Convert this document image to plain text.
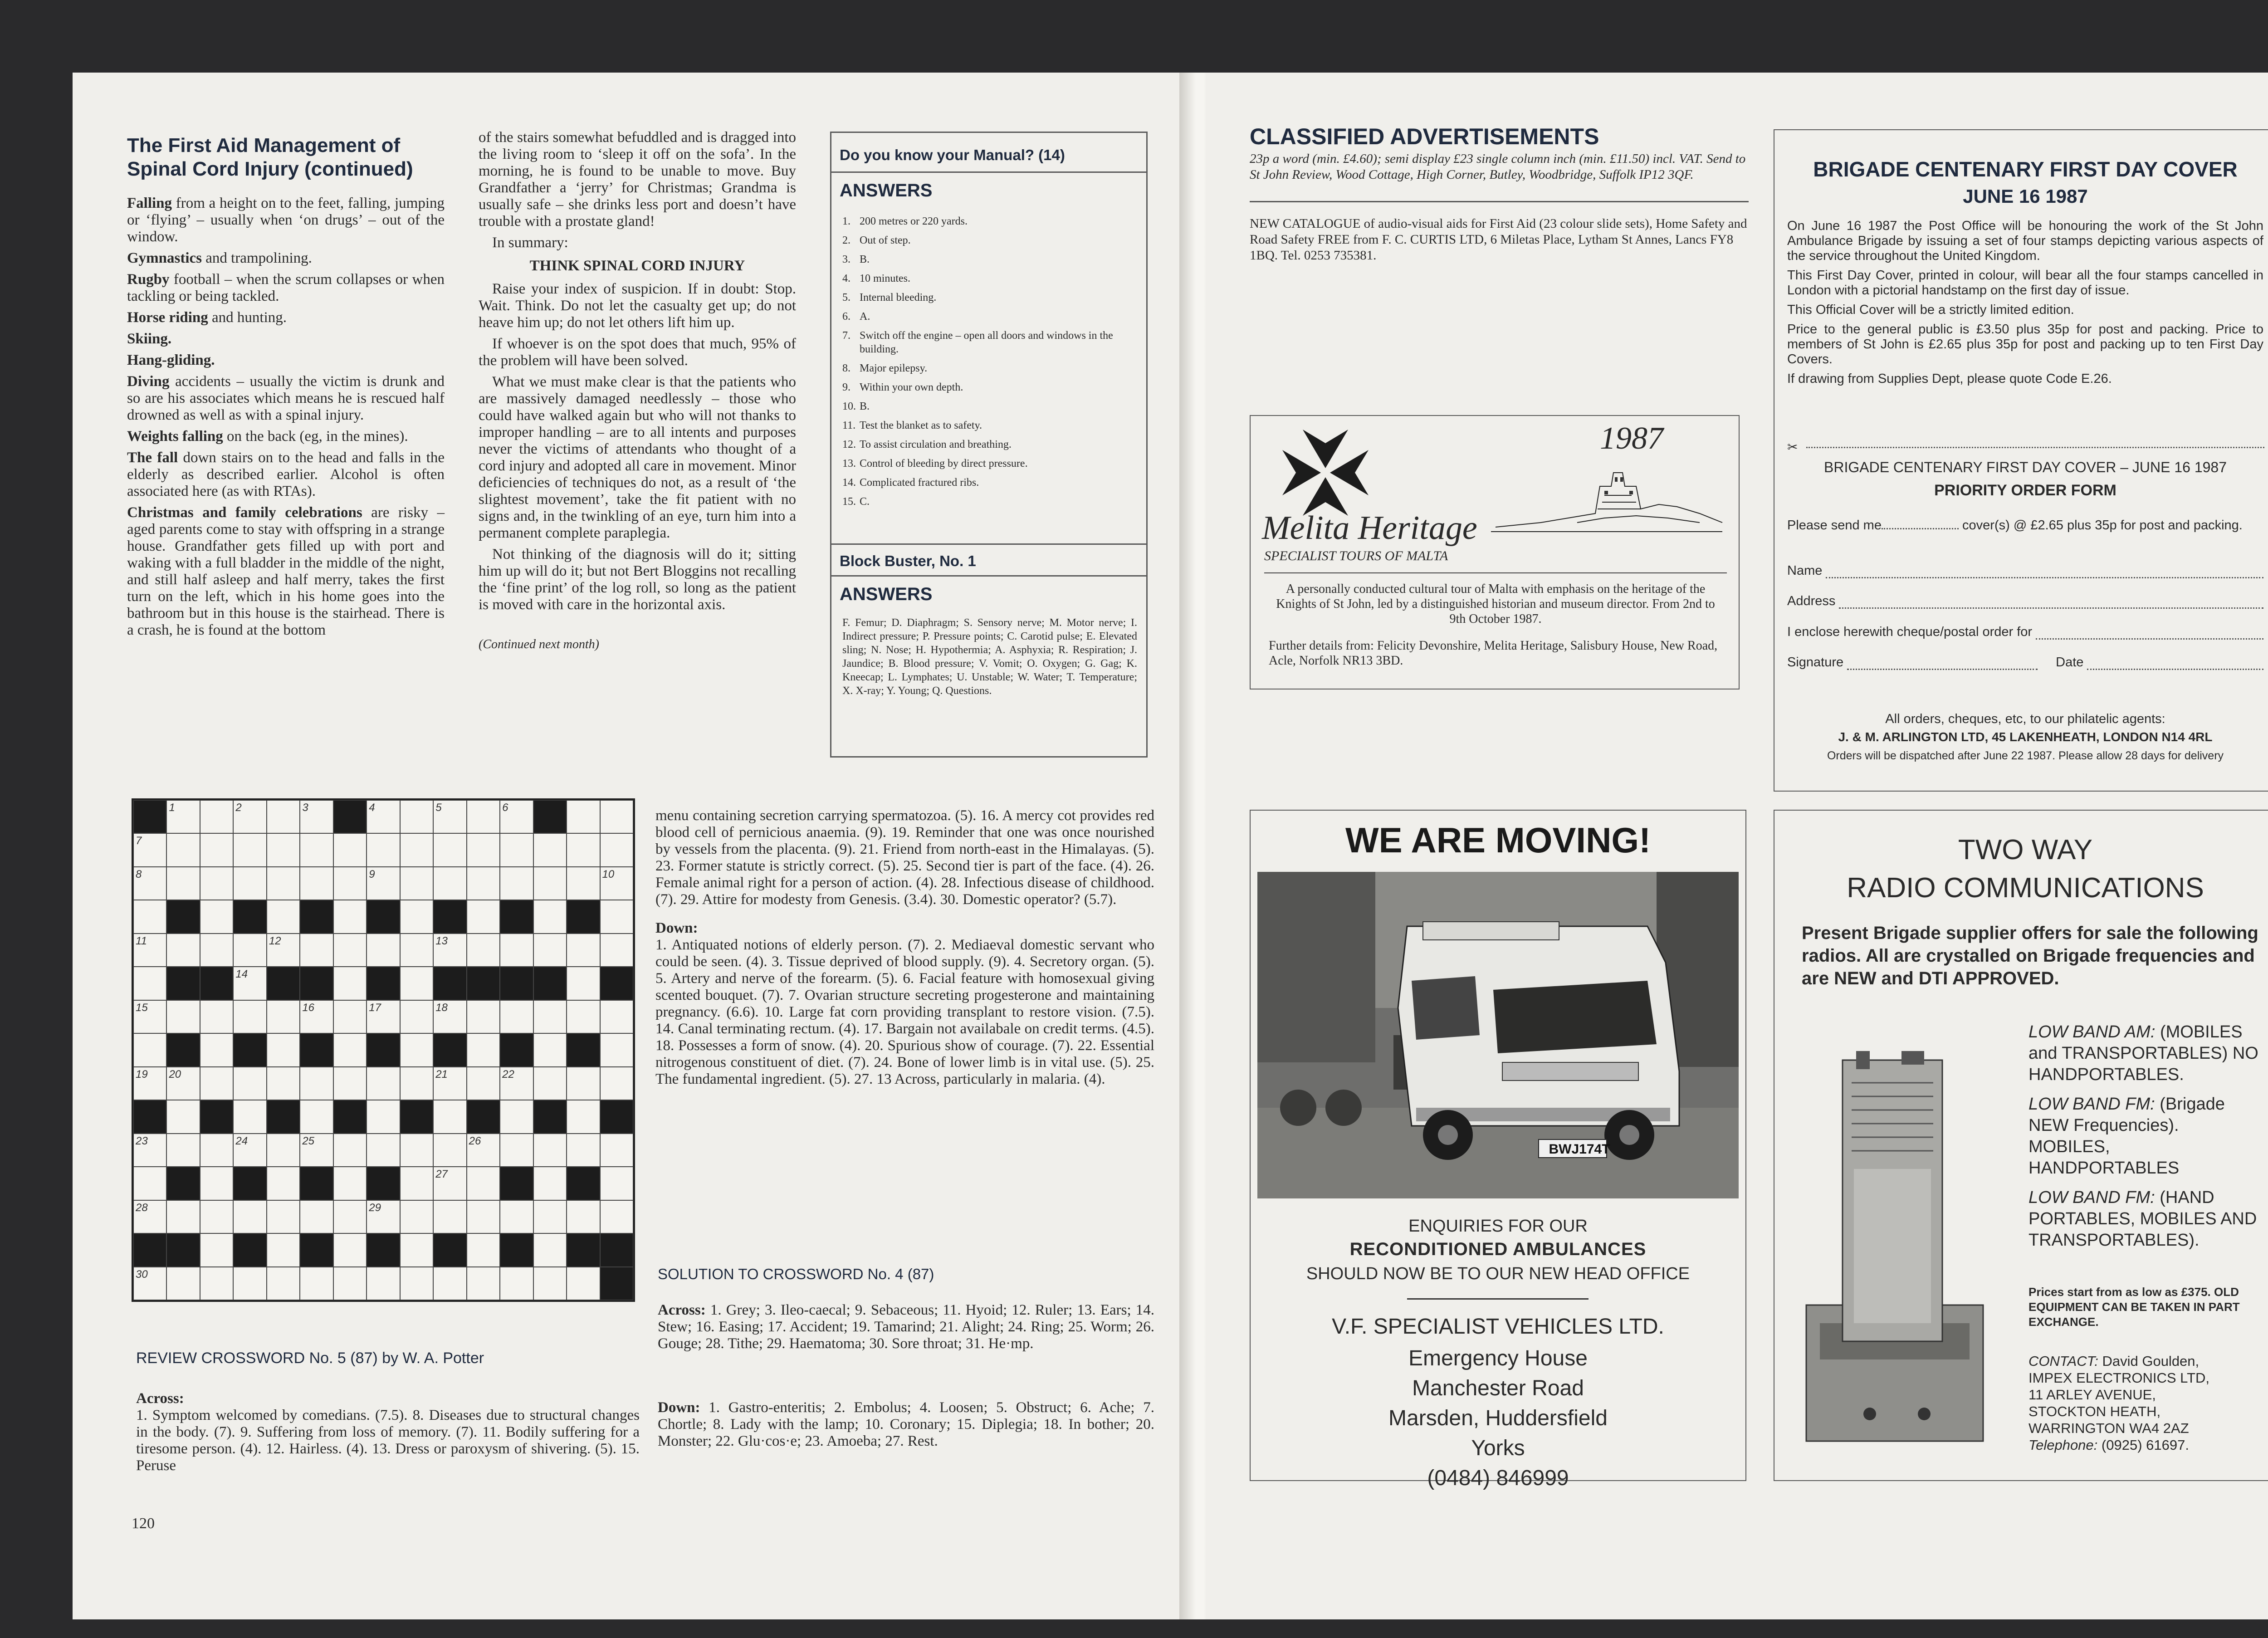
The First Aid Management of Spinal Cord Injury (continued)

Falling from a height on to the feet, falling, jumping or ‘flying’ – usually when ‘on drugs’ – out of the window.

Gymnastics and trampolining.

Rugby football – when the scrum collapses or when tackling or being tackled.

Horse riding and hunting.

Skiing.

Hang-gliding.

Diving accidents – usually the victim is drunk and so are his associates which means he is rescued half drowned as well as with a spinal injury.

Weights falling on the back (eg, in the mines).

The fall down stairs on to the head and falls in the elderly as described earlier. Alcohol is often associated here (as with RTAs).

Christmas and family celebrations are risky – aged parents come to stay with offspring in a strange house. Grandfather gets filled up with port and waking with a full bladder in the middle of the night, and still half asleep and half merry, takes the first turn on the left, which in his home goes into the bathroom but in this house is the stairhead. There is a crash, he is found at the bottom

of the stairs somewhat befuddled and is dragged into the living room to ‘sleep it off on the sofa’. In the morning, he is found to be unable to move. Buy Grandfather a ‘jerry’ for Christmas; Grandma is usually safe – she drinks less port and doesn’t have trouble with a prostate gland!

In summary:

THINK SPINAL CORD INJURY

Raise your index of suspicion. If in doubt: Stop. Wait. Think. Do not let the casualty get up; do not heave him up; do not let others lift him up.

If whoever is on the spot does that much, 95% of the problem will have been solved.

What we must make clear is that the patients who are massively damaged needlessly – those who could have walked again but who will not thanks to improper handling – are to all intents and purposes never the victims of attendants who thought of a cord injury and adopted all care in movement. Minor deficiencies of techniques do not, as a result of ‘the slightest movement’, take the fit patient with no signs and, in the twinkling of an eye, turn him into a permanent complete paraplegia.

Not thinking of the diagnosis will do it; sitting him up will do it; but not Bert Bloggins not recalling the ‘fine print’ of the log roll, so long as the patient is moved with care in the horizontal axis.

(Continued next month)

Do you know your Manual? (14)
ANSWERS
1. 200 metres or 220 yards.
2. Out of step.
3. B.
4. 10 minutes.
5. Internal bleeding.
6. A.
7. Switch off the engine – open all doors and windows in the building.
8. Major epilepsy.
9. Within your own depth.
10. B.
11. Test the blanket as to safety.
12. To assist circulation and breathing.
13. Control of bleeding by direct pressure.
14. Complicated fractured ribs.
15. C.
Block Buster, No. 1
ANSWERS
F. Femur; D. Diaphragm; S. Sensory nerve; M. Motor nerve; I. Indirect pressure; P. Pressure points; C. Carotid pulse; E. Elevated sling; N. Nose; H. Hypothermia; A. Asphyxia; R. Respiration; J. Jaundice; B. Blood pressure; V. Vomit; O. Oxygen; G. Gag; K. Kneecap; L. Lymphates; U. Unstable; W. Water; T. Temperature; X. X-ray; Y. Young; Q. Questions.
1	2	3	4	5	6
7
8	9	10
11	12	13
14
15	16	17	18
19 20	21	22
23	24	25	26
27
28	29
30
REVIEW CROSSWORD No. 5 (87) by W. A. Potter
Across:
1. Symptom welcomed by comedians. (7.5). 8. Diseases due to structural changes in the body. (7). 9. Suffering from loss of memory. (7). 11. Bodily suffering for a tiresome person. (4). 12. Hairless. (4). 13. Dress or paroxysm of shivering. (5). 15. Peruse

menu containing secretion carrying spermatozoa. (5). 16. A mercy cot provides red blood cell of pernicious anaemia. (9). 19. Reminder that one was once nourished by vessels from the placenta. (9). 21. Friend from north-east in the Himalayas. (5). 23. Former statute is strictly correct. (5). 25. Second tier is part of the face. (4). 26. Female animal right for a person of action. (4). 28. Infectious disease of childhood. (7). 29. Attire for modesty from Genesis. (3.4). 30. Domestic operator? (5.7).

Down:

1. Antiquated notions of elderly person. (7). 2. Mediaeval domestic servant who could be seen. (4). 3. Tissue deprived of blood supply. (9). 4. Secretory organ. (5). 5. Artery and nerve of the forearm. (5). 6. Facial feature with homosexual giving scented bouquet. (7). 7. Ovarian structure secreting progesterone and maintaining pregnancy. (6.6). 10. Large fat corn providing transplant to restore vision. (7.5). 14. Canal terminating rectum. (4). 17. Bargain not availabale on credit terms. (4.5). 18. Possesses a form of snow. (4). 20. Spurious show of courage. (7). 22. Essential nitrogenous constituent of diet. (7). 24. Bone of lower limb is in vital use. (5). 25. The fundamental ingredient. (5). 27. 13 Across, particularly in malaria. (4).

SOLUTION TO CROSSWORD No. 4 (87)

Across: 1. Grey; 3. Ileo-caecal; 9. Sebaceous; 11. Hyoid; 12. Ruler; 13. Ears; 14. Stew; 16. Easing; 17. Accident; 19. Tamarind; 21. Alight; 24. Ring; 25. Worm; 26. Gouge; 28. Tithe; 29. Haematoma; 30. Sore throat; 31. He·mp.

Down: 1. Gastro-enteritis; 2. Embolus; 4. Loosen; 5. Obstruct; 6. Ache; 7. Chortle; 8. Lady with the lamp; 10. Coronary; 15. Diplegia; 18. In bother; 20. Monster; 22. Glu·cos·e; 23. Amoeba; 27. Rest.

120
CLASSIFIED ADVERTISEMENTS
23p a word (min. £4.60); semi display £23 single column inch (min. £11.50) incl. VAT. Send to St John Review, Wood Cottage, High Corner, Butley, Woodbridge, Suffolk IP12 3QF.
NEW CATALOGUE of audio-visual aids for First Aid (23 colour slide sets), Home Safety and Road Safety FREE from F. C. CURTIS LTD, 6 Miletas Place, Lytham St Annes, Lancs FY8 1BQ. Tel. 0253 735381.
1987
Melita Heritage
SPECIALIST TOURS OF MALTA
A personally conducted cultural tour of Malta with emphasis on the heritage of the Knights of St John, led by a distinguished historian and museum director. From 2nd to 9th October 1987.
Further details from: Felicity Devonshire, Melita Heritage, Salisbury House, New Road, Acle, Norfolk NR13 3BD.
BRIGADE CENTENARY FIRST DAY COVER
JUNE 16 1987
On June 16 1987 the Post Office will be honouring the work of the St John Ambulance Brigade by issuing a set of four stamps depicting various aspects of the service throughout the United Kingdom.
This First Day Cover, printed in colour, will bear all the four stamps cancelled in London with a pictorial handstamp on the first day of issue.
This Official Cover will be a strictly limited edition.
Price to the general public is £3.50 plus 35p for post and packing. Price to members of St John is £2.65 plus 35p for post and packing up to ten First Day Covers.
If drawing from Supplies Dept, please quote Code E.26.
✂
BRIGADE CENTENARY FIRST DAY COVER – JUNE 16 1987
PRIORITY ORDER FORM
Please send me	cover(s) @ £2.65 plus 35p for post and packing.
Name
Address
I enclose herewith cheque/postal order for
Signature	Date
All orders, cheques, etc, to our philatelic agents:
J. & M. ARLINGTON LTD, 45 LAKENHEATH, LONDON N14 4RL
Orders will be dispatched after June 22 1987. Please allow 28 days for delivery
WE ARE MOVING!
BWJ174T
ENQUIRIES FOR OUR
RECONDITIONED AMBULANCES
SHOULD NOW BE TO OUR NEW HEAD OFFICE
V.F. SPECIALIST VEHICLES LTD.
Emergency House
Manchester Road
Marsden, Huddersfield
Yorks
(0484) 846999
TWO WAY
RADIO COMMUNICATIONS
Present Brigade supplier offers for sale the following radios. All are crystalled on Brigade frequencies and are NEW and DTI APPROVED.
LOW BAND AM: (MOBILES and TRANSPORTABLES) NO HANDPORTABLES.
LOW BAND FM: (Brigade NEW Frequencies). MOBILES, HANDPORTABLES
LOW BAND FM: (HAND PORTABLES, MOBILES AND TRANSPORTABLES).
Prices start from as low as £375. OLD EQUIPMENT CAN BE TAKEN IN PART EXCHANGE.
CONTACT: David Goulden,
IMPEX ELECTRONICS LTD,
11 ARLEY AVENUE,
STOCKTON HEATH,
WARRINGTON WA4 2AZ
Telephone: (0925) 61697.
